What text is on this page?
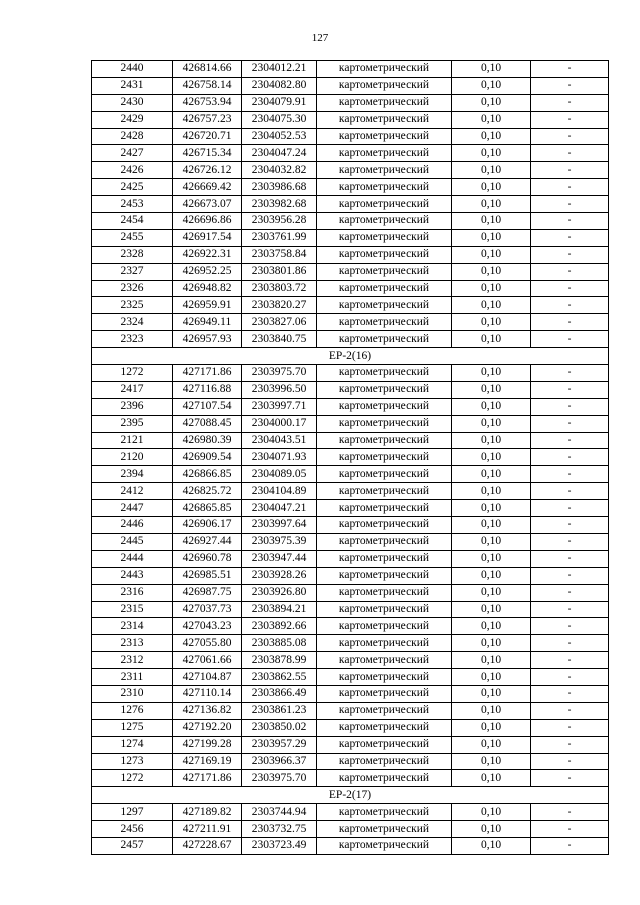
127
2440	426814.66	2304012.21	картометрический	0,10	-
2431	426758.14	2304082.80	картометрический	0,10	-
2430	426753.94	2304079.91	картометрический	0,10	-
2429	426757.23	2304075.30	картометрический	0,10	-
2428	426720.71	2304052.53	картометрический	0,10	-
2427	426715.34	2304047.24	картометрический	0,10	-
2426	426726.12	2304032.82	картометрический	0,10	-
2425	426669.42	2303986.68	картометрический	0,10	-
2453	426673.07	2303982.68	картометрический	0,10	-
2454	426696.86	2303956.28	картометрический	0,10	-
2455	426917.54	2303761.99	картометрический	0,10	-
2328	426922.31	2303758.84	картометрический	0,10	-
2327	426952.25	2303801.86	картометрический	0,10	-
2326	426948.82	2303803.72	картометрический	0,10	-
2325	426959.91	2303820.27	картометрический	0,10	-
2324	426949.11	2303827.06	картометрический	0,10	-
2323	426957.93	2303840.75	картометрический	0,10	-
ЕР-2(16)					
1272	427171.86	2303975.70	картометрический	0,10	-
2417	427116.88	2303996.50	картометрический	0,10	-
2396	427107.54	2303997.71	картометрический	0,10	-
2395	427088.45	2304000.17	картометрический	0,10	-
2121	426980.39	2304043.51	картометрический	0,10	-
2120	426909.54	2304071.93	картометрический	0,10	-
2394	426866.85	2304089.05	картометрический	0,10	-
2412	426825.72	2304104.89	картометрический	0,10	-
2447	426865.85	2304047.21	картометрический	0,10	-
2446	426906.17	2303997.64	картометрический	0,10	-
2445	426927.44	2303975.39	картометрический	0,10	-
2444	426960.78	2303947.44	картометрический	0,10	-
2443	426985.51	2303928.26	картометрический	0,10	-
2316	426987.75	2303926.80	картометрический	0,10	-
2315	427037.73	2303894.21	картометрический	0,10	-
2314	427043.23	2303892.66	картометрический	0,10	-
2313	427055.80	2303885.08	картометрический	0,10	-
2312	427061.66	2303878.99	картометрический	0,10	-
2311	427104.87	2303862.55	картометрический	0,10	-
2310	427110.14	2303866.49	картометрический	0,10	-
1276	427136.82	2303861.23	картометрический	0,10	-
1275	427192.20	2303850.02	картометрический	0,10	-
1274	427199.28	2303957.29	картометрический	0,10	-
1273	427169.19	2303966.37	картометрический	0,10	-
1272	427171.86	2303975.70	картометрический	0,10	-
ЕР-2(17)					
1297	427189.82	2303744.94	картометрический	0,10	-
2456	427211.91	2303732.75	картометрический	0,10	-
2457	427228.67	2303723.49	картометрический	0,10	-
